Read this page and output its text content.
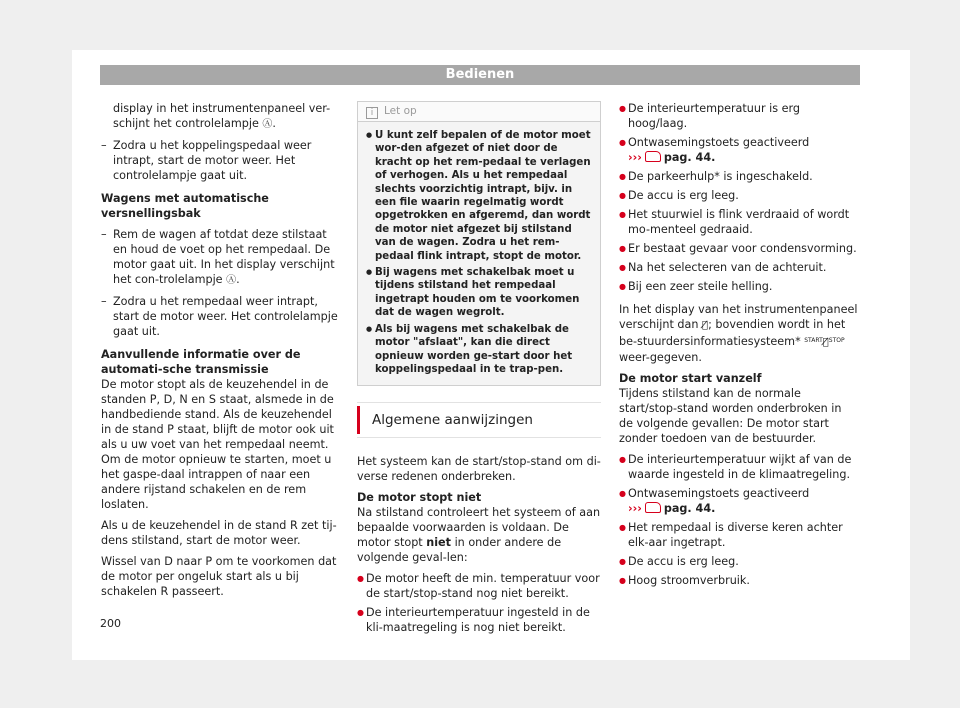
Bedienen

display in het instrumentenpaneel ver-schijnt het controlelampje Ⓐ.

– Zodra u het koppelingspedaal weer intrapt, start de motor weer. Het controlelampje gaat uit.

Wagens met automatische versnellingsbak

– Rem de wagen af totdat deze stilstaat en houd de voet op het rempedaal. De motor gaat uit. In het display verschijnt het con-trolelampje Ⓐ.
– Zodra u het rempedaal weer intrapt, start de motor weer. Het controlelampje gaat uit.

Aanvullende informatie over de automati-sche transmissie

De motor stopt als de keuzehendel in de standen P, D, N en S staat, alsmede in de handbediende stand. Als de keuzehendel in de stand P staat, blijft de motor ook uit als u uw voet van het rempedaal neemt. Om de motor opnieuw te starten, moet u het gaspe-daal intrappen of naar een andere rijstand schakelen en de rem loslaten.

Als u de keuzehendel in de stand R zet tij-dens stilstand, start de motor weer.

Wissel van D naar P om te voorkomen dat de motor per ongeluk start als u bij schakelen R passeert.

i Let op
● U kunt zelf bepalen of de motor moet wor-den afgezet of niet door de kracht op het rem-pedaal te verlagen of verhogen. Als u het rempedaal slechts voorzichtig intrapt, bijv. in een file waarin regelmatig wordt opgetrokken en afgeremd, dan wordt de motor niet afgezet bij stilstand van de wagen. Zodra u het rem-pedaal flink intrapt, stopt de motor.
● Bij wagens met schakelbak moet u tijdens stilstand het rempedaal ingetrapt houden om te voorkomen dat de wagen wegrolt.
● Als bij wagens met schakelbak de motor "afslaat", kan die direct opnieuw worden ge-start door het koppelingspedaal in te trap-pen.
Algemene aanwijzingen

Het systeem kan de start/stop-stand om di-verse redenen onderbreken.

De motor stopt niet

Na stilstand controleert het systeem of aan bepaalde voorwaarden is voldaan. De motor stopt niet in onder andere de volgende geval-len:

● De motor heeft de min. temperatuur voor de start/stop-stand nog niet bereikt.
● De interieurtemperatuur ingesteld in de kli-maatregeling is nog niet bereikt.
● De interieurtemperatuur is erg hoog/laag.
● Ontwasemingstoets geactiveerd
››› pag. 44.
● De parkeerhulp* is ingeschakeld.
● De accu is erg leeg.
● Het stuurwiel is flink verdraaid of wordt mo-menteel gedraaid.
● Er bestaat gevaar voor condensvorming.
● Na het selecteren van de achteruit.
● Bij een zeer steile helling.

In het display van het instrumentenpaneel verschijnt dan Ⓐ̸; bovendien wordt in het be-stuurdersinformatiesysteem* $^{START}$Ⓐ̸$^{STOP}$ weer-gegeven.

De motor start vanzelf

Tijdens stilstand kan de normale start/stop-stand worden onderbroken in de volgende gevallen: De motor start zonder toedoen van de bestuurder.

● De interieurtemperatuur wijkt af van de waarde ingesteld in de klimaatregeling.
● Ontwasemingstoets geactiveerd
››› pag. 44.
● Het rempedaal is diverse keren achter elk-aar ingetrapt.
● De accu is erg leeg.
● Hoog stroomverbruik.
200
